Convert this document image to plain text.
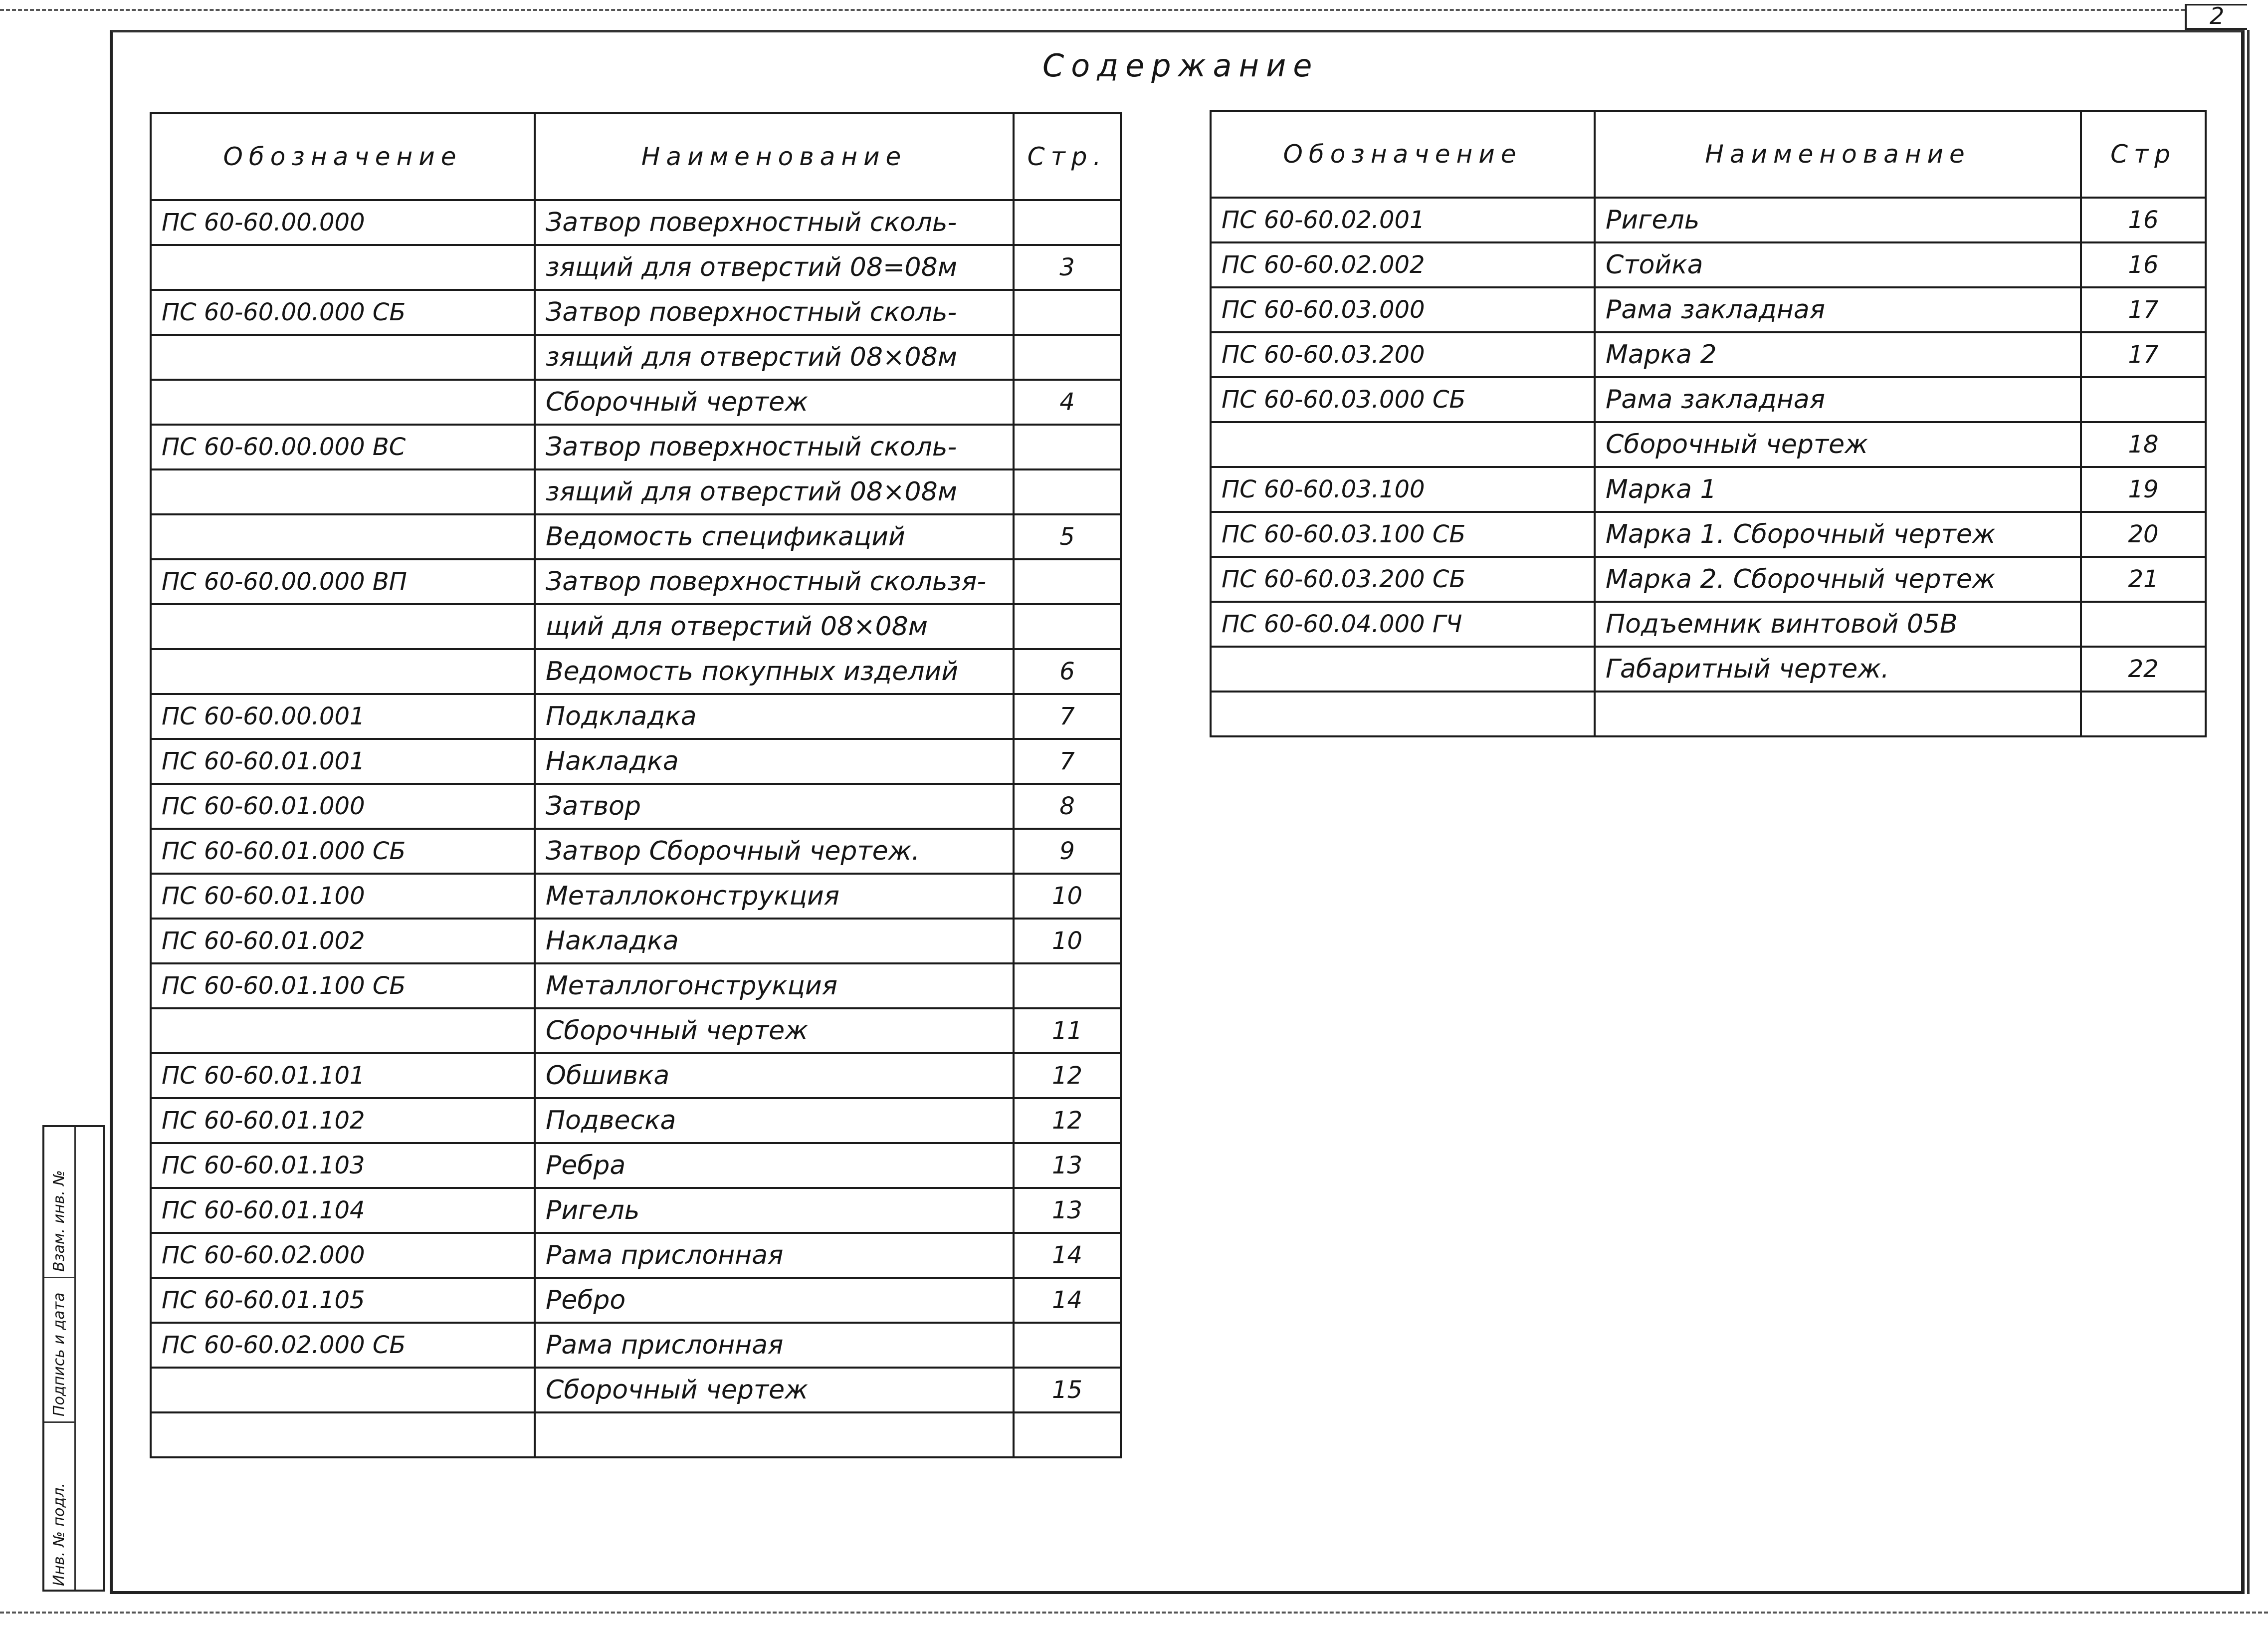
2
Содержание
Обозначение	Наименование	Стр.
ПС 60-60.00.000	Затвор поверхностный сколь-	
	зящий для отверстий 08=08м	3
ПС 60-60.00.000 СБ	Затвор поверхностный сколь-	
	зящий для отверстий 08×08м	
	Сборочный чертеж	4
ПС 60-60.00.000 ВС	Затвор поверхностный сколь-	
	зящий для отверстий 08×08м	
	Ведомость спецификаций	5
ПС 60-60.00.000 ВП	Затвор поверхностный скользя-	
	щий для отверстий 08×08м	
	Ведомость покупных изделий	6
ПС 60-60.00.001	Подкладка	7
ПС 60-60.01.001	Накладка	7
ПС 60-60.01.000	Затвор	8
ПС 60-60.01.000 СБ	Затвор Сборочный чертеж.	9
ПС 60-60.01.100	Металлоконструкция	10
ПС 60-60.01.002	Накладка	10
ПС 60-60.01.100 СБ	Металлогонструкция	
	Сборочный чертеж	11
ПС 60-60.01.101	Обшивка	12
ПС 60-60.01.102	Подвеска	12
ПС 60-60.01.103	Ребра	13
ПС 60-60.01.104	Ригель	13
ПС 60-60.02.000	Рама прислонная	14
ПС 60-60.01.105	Ребро	14
ПС 60-60.02.000 СБ	Рама прислонная	
	Сборочный чертеж	15

Обозначение	Наименование	Стр
ПС 60-60.02.001	Ригель	16
ПС 60-60.02.002	Стойка	16
ПС 60-60.03.000	Рама закладная	17
ПС 60-60.03.200	Марка 2	17
ПС 60-60.03.000 СБ	Рама закладная	
	Сборочный чертеж	18
ПС 60-60.03.100	Марка 1	19
ПС 60-60.03.100 СБ	Марка 1. Сборочный чертеж	20
ПС 60-60.03.200 СБ	Марка 2. Сборочный чертеж	21
ПС 60-60.04.000 ГЧ	Подъемник винтовой 05В	
	Габаритный чертеж.	22

Инв. № подл.
Подпись и дата
Взам. инв. №
